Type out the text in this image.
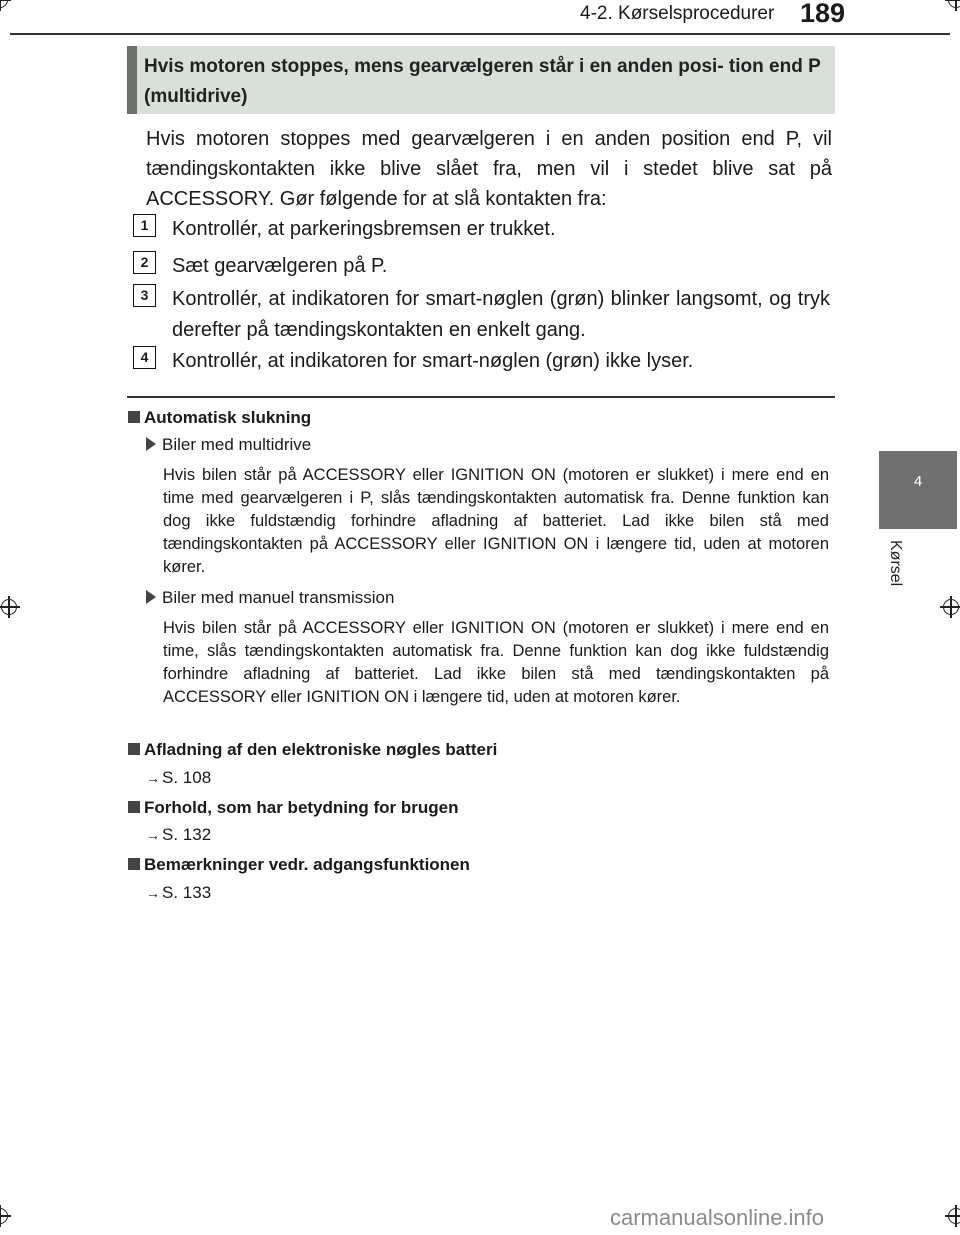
4-2. Kørselsprocedurer 189
4
Kørsel
Hvis motoren stoppes, mens gearvælgeren står i en anden posi- tion end P (multidrive)
Hvis motoren stoppes med gearvælgeren i en anden position end P, vil tændingskontakten ikke blive slået fra, men vil i stedet blive sat på ACCESSORY. Gør følgende for at slå kontakten fra:
1	Kontrollér, at parkeringsbremsen er trukket.
2	Sæt gearvælgeren på P.
3	Kontrollér, at indikatoren for smart-nøglen (grøn) blinker langsomt, og tryk derefter på tændingskontakten en enkelt gang.
4	Kontrollér, at indikatoren for smart-nøglen (grøn) ikke lyser.
Automatisk slukning
Biler med multidrive
Hvis bilen står på ACCESSORY eller IGNITION ON (motoren er slukket) i mere end en time med gearvælgeren i P, slås tændingskontakten automatisk fra. Denne funktion kan dog ikke fuldstændig forhindre afladning af batteriet. Lad ikke bilen stå med tændingskontakten på ACCESSORY eller IGNITION ON i længere tid, uden at motoren kører.
Biler med manuel transmission
Hvis bilen står på ACCESSORY eller IGNITION ON (motoren er slukket) i mere end en time, slås tændingskontakten automatisk fra. Denne funktion kan dog ikke fuldstændig forhindre afladning af batteriet. Lad ikke bilen stå med tændingskontakten på ACCESSORY eller IGNITION ON i længere tid, uden at motoren kører.
Afladning af den elektroniske nøgles batteri
→ S. 108
Forhold, som har betydning for brugen
→ S. 132
Bemærkninger vedr. adgangsfunktionen
→ S. 133
carmanualsonline.info
